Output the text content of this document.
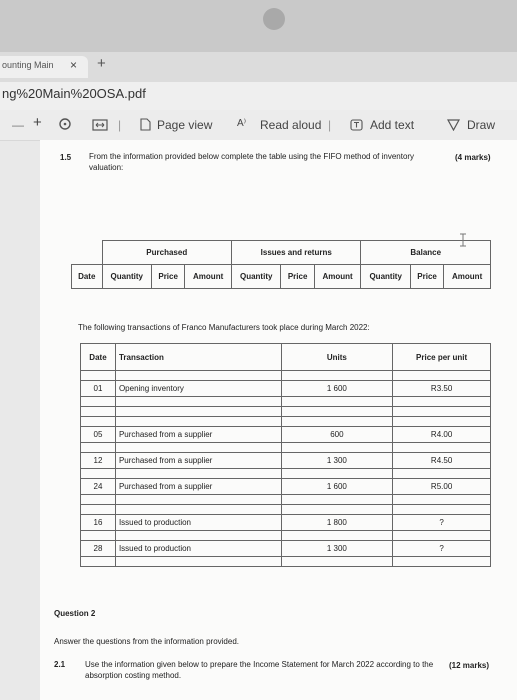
ounting Main × +
ng%20Main%20OSA.pdf
— +	|	Page view A⁾ Read aloud |	Add text	Draw
1.5 From the information provided below complete the table using the FIFO method of inventory
valuation:
(4 marks)
	Purchased			Issues and returns			Balance		
Date	Quantity	Price	Amount	Quantity	Price	Amount	Quantity	Price	Amount
The following transactions of Franco Manufacturers took place during March 2022:
Date	Transaction	Units	Price per unit

01	Opening inventory	1 600	R3.50

05	Purchased from a supplier	600	R4.00

12	Purchased from a supplier	1 300	R4.50

24	Purchased from a supplier	1 600	R5.00

16	Issued to production	1 800	?

28	Issued to production	1 300	?

Question 2
Answer the questions from the information provided.
2.1 Use the information given below to prepare the Income Statement for March 2022 according to the
absorption costing method.
(12 marks)
